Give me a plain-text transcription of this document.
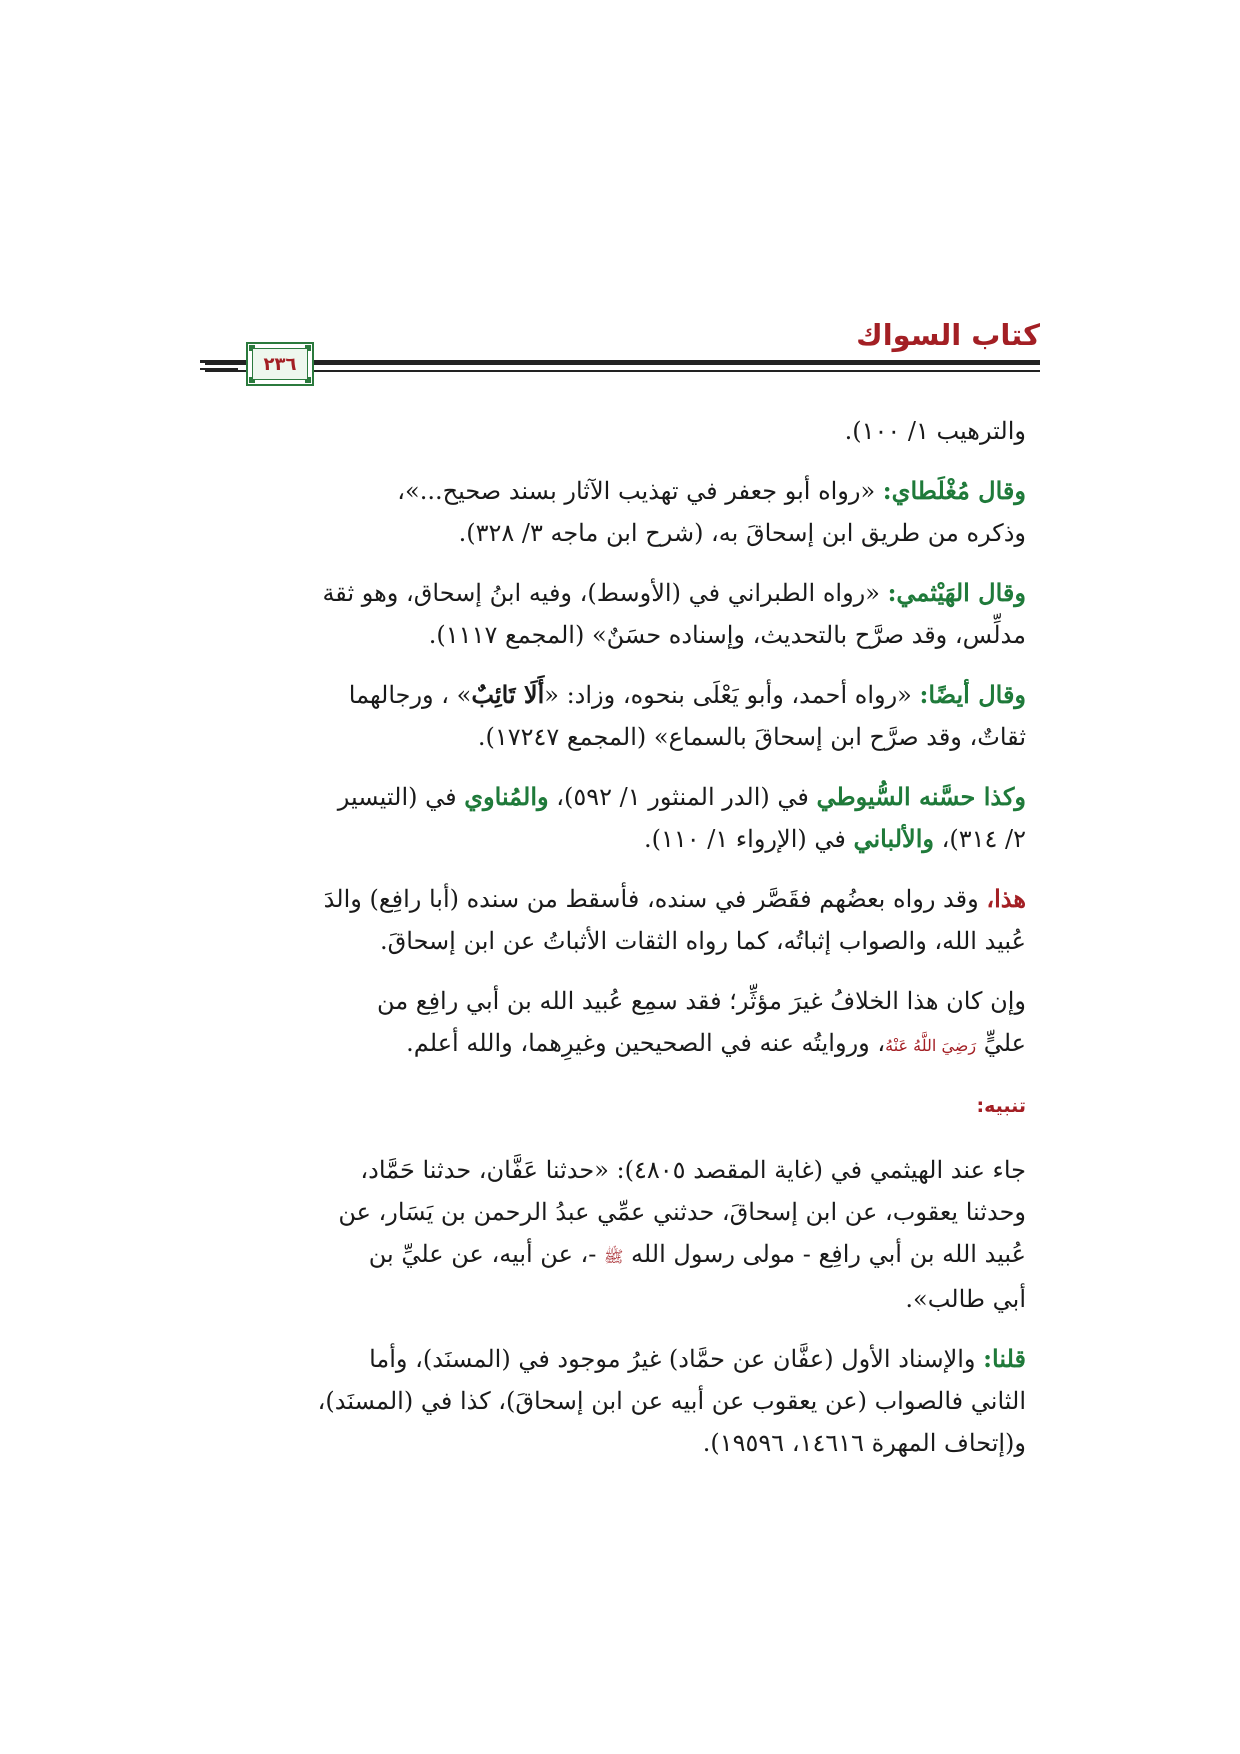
كتاب السواك
٢٣٦

والترهيب ١/ ١٠٠).

وقال مُغْلَطاي: «رواه أبو جعفر في تهذيب الآثار بسند صحيح...»،
وذكره من طريق ابن إسحاقَ به، (شرح ابن ماجه ٣/ ٣٢٨).

وقال الهَيْثمي: «رواه الطبراني في (الأوسط)، وفيه ابنُ إسحاق، وهو ثقة
مدلِّس، وقد صرَّح بالتحديث، وإسناده حسَنٌ» (المجمع ١١١٧).

وقال أيضًا: «رواه أحمد، وأبو يَعْلَى بنحوه، وزاد: «أَلَا تَائِبٌ» ، ورجالهما
ثقاتٌ، وقد صرَّح ابن إسحاقَ بالسماع» (المجمع ١٧٢٤٧).

وكذا حسَّنه السُّيوطي في (الدر المنثور ١/ ٥٩٢)، والمُناوي في (التيسير
٢/ ٣١٤)، والألباني في (الإرواء ١/ ١١٠).

هذا، وقد رواه بعضُهم فقَصَّر في سنده، فأسقط من سنده (أبا رافِع) والدَ
عُبيد الله، والصواب إثباتُه، كما رواه الثقات الأثباتُ عن ابن إسحاقَ.

وإن كان هذا الخلافُ غيرَ مؤثِّر؛ فقد سمِع عُبيد الله بن أبي رافِع من
عليٍّ رَضِيَ اللَّهُ عَنْهُ، وروايتُه عنه في الصحيحين وغيرِهما، والله أعلم.

تنبيه:

جاء عند الهيثمي في (غاية المقصد ٤٨٠٥): «حدثنا عَفَّان، حدثنا حَمَّاد،
وحدثنا يعقوب، عن ابن إسحاقَ، حدثني عمِّي عبدُ الرحمن بن يَسَار، عن
عُبيد الله بن أبي رافِع - مولى رسول الله ﷺ -، عن أبيه، عن عليِّ بن
أبي طالب».

قلنا: والإسناد الأول (عفَّان عن حمَّاد) غيرُ موجود في (المسنَد)، وأما
الثاني فالصواب (عن يعقوب عن أبيه عن ابن إسحاقَ)، كذا في (المسنَد)،
و(إتحاف المهرة ١٤٦١٦، ١٩٥٩٦).
